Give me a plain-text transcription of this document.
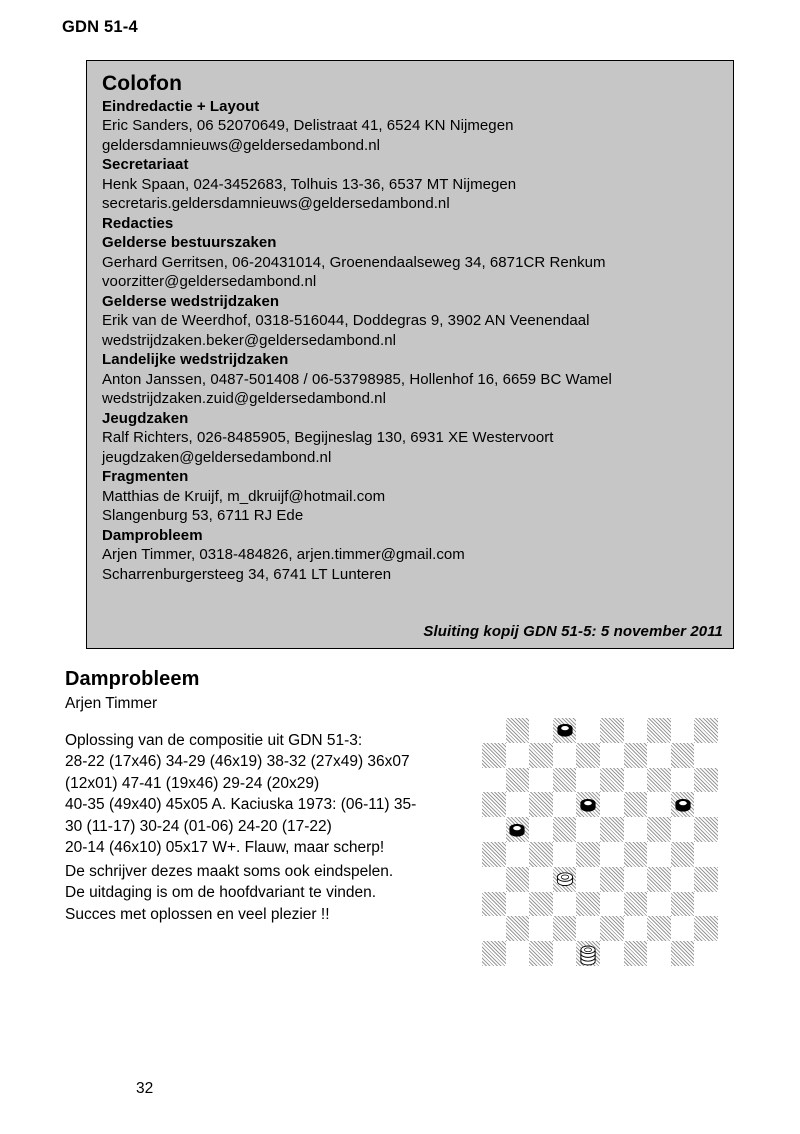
GDN 51-4
Colofon
Eindredactie + Layout
Eric Sanders, 06 52070649, Delistraat 41, 6524 KN Nijmegen
geldersdamnieuws@geldersedambond.nl
Secretariaat
Henk Spaan, 024-3452683, Tolhuis 13-36, 6537 MT Nijmegen
secretaris.geldersdamnieuws@geldersedambond.nl
Redacties
Gelderse bestuurszaken
Gerhard Gerritsen, 06-20431014, Groenendaalseweg 34, 6871CR Renkum
voorzitter@geldersedambond.nl
Gelderse wedstrijdzaken
Erik van de Weerdhof, 0318-516044, Doddegras 9, 3902 AN Veenendaal
wedstrijdzaken.beker@geldersedambond.nl
Landelijke wedstrijdzaken
Anton Janssen, 0487-501408 / 06-53798985, Hollenhof 16, 6659 BC Wamel
wedstrijdzaken.zuid@geldersedambond.nl
Jeugdzaken
Ralf Richters, 026-8485905, Begijneslag 130, 6931 XE Westervoort
jeugdzaken@geldersedambond.nl
Fragmenten
Matthias de Kruijf, m_dkruijf@hotmail.com
Slangenburg 53, 6711 RJ Ede
Damprobleem
Arjen Timmer, 0318-484826, arjen.timmer@gmail.com
Scharrenburgersteeg 34, 6741 LT Lunteren
Sluiting kopij GDN 51-5: 5 november 2011
Damprobleem
Arjen Timmer

Oplossing van de compositie uit GDN 51-3:

28-22 (17x46) 34-29 (46x19) 38-32 (27x49) 36x07

(12x01) 47-41 (19x46) 29-24 (20x29)

40-35 (49x40) 45x05 A. Kaciuska 1973: (06-11) 35-

30 (11-17) 30-24 (01-06) 24-20 (17-22)

20-14 (46x10) 05x17 W+. Flauw, maar scherp!

De schrijver dezes maakt soms ook eindspelen.

De uitdaging is om de hoofdvariant te vinden.

Succes met oplossen en veel plezier !!

32
